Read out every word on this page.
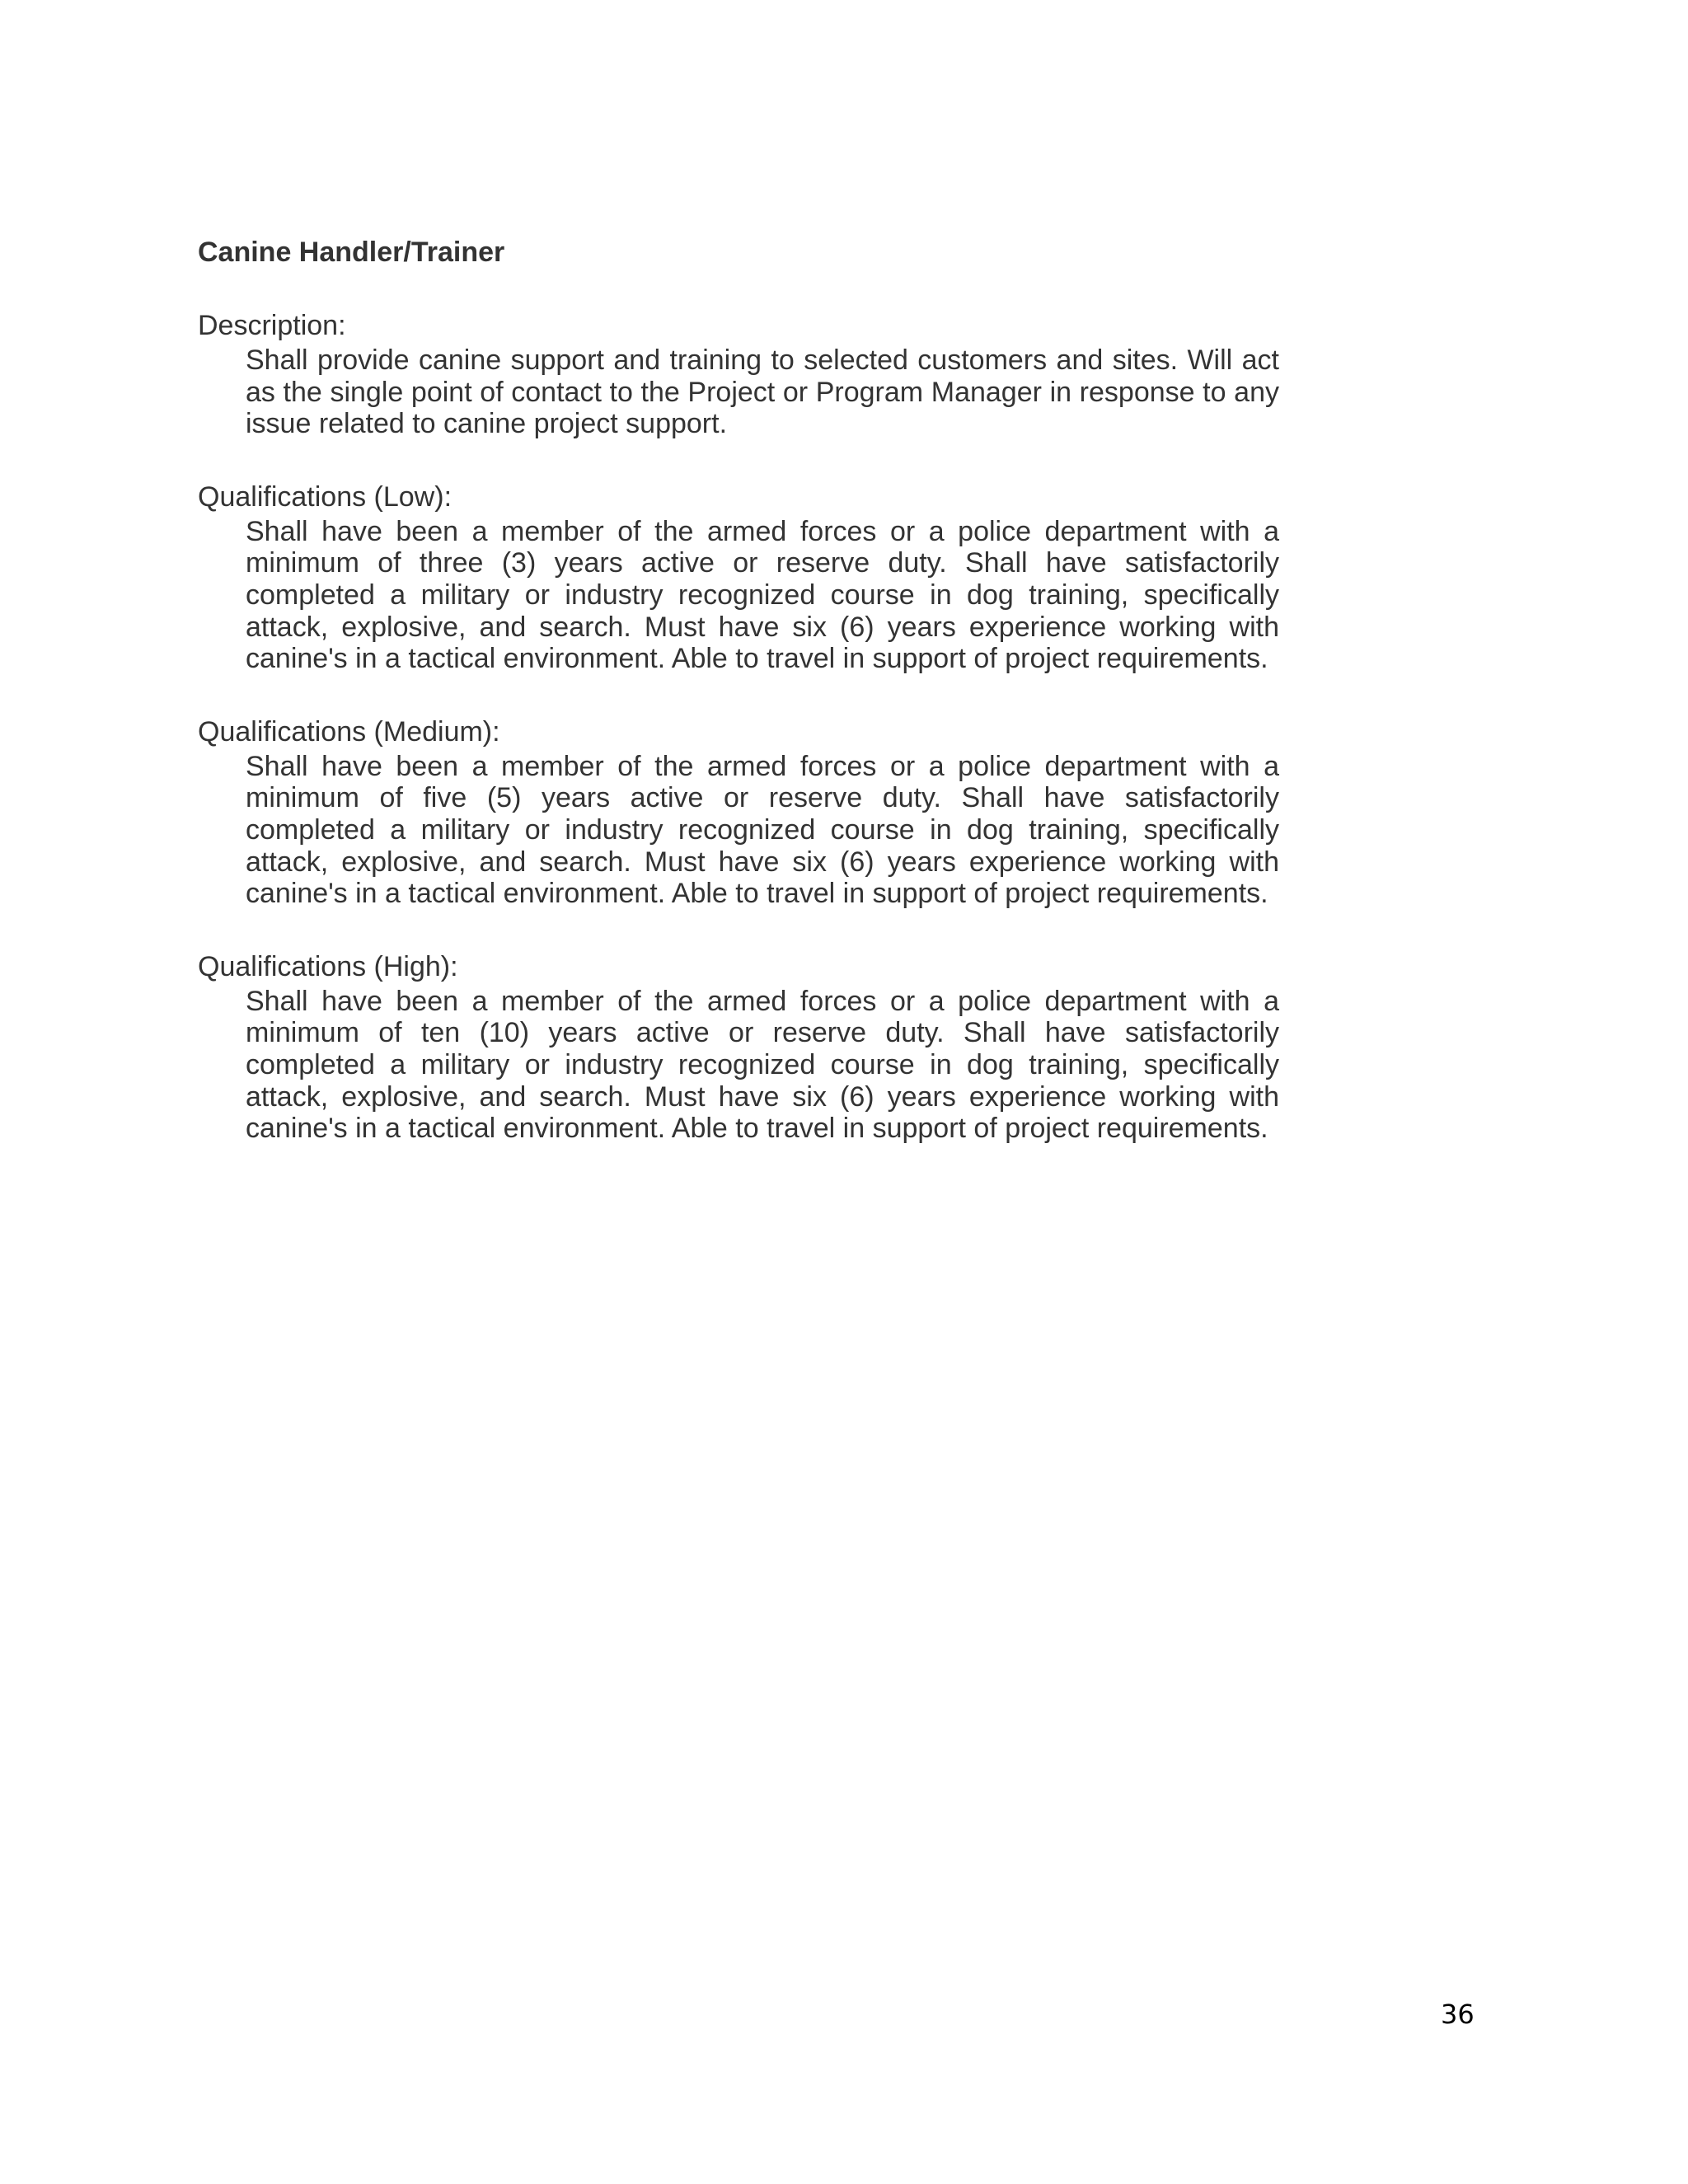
Canine Handler/Trainer

Description:

Shall provide canine support and training to selected customers and sites. Will act as the single point of contact to the Project or Program Manager in response to any issue related to canine project support.

Qualifications (Low):

Shall have been a member of the armed forces or a police department with a minimum of three (3) years active or reserve duty. Shall have satisfactorily completed a military or industry recognized course in dog training, specifically attack, explosive, and search. Must have six (6) years experience working with canine's in a tactical environment. Able to travel in support of project requirements.

Qualifications (Medium):

Shall have been a member of the armed forces or a police department with a minimum of five (5) years active or reserve duty. Shall have satisfactorily completed a military or industry recognized course in dog training, specifically attack, explosive, and search. Must have six (6) years experience working with canine's in a tactical environment. Able to travel in support of project requirements.

Qualifications (High):

Shall have been a member of the armed forces or a police department with a minimum of ten (10) years active or reserve duty. Shall have satisfactorily completed a military or industry recognized course in dog training, specifically attack, explosive, and search. Must have six (6) years experience working with canine's in a tactical environment. Able to travel in support of project requirements.

36
